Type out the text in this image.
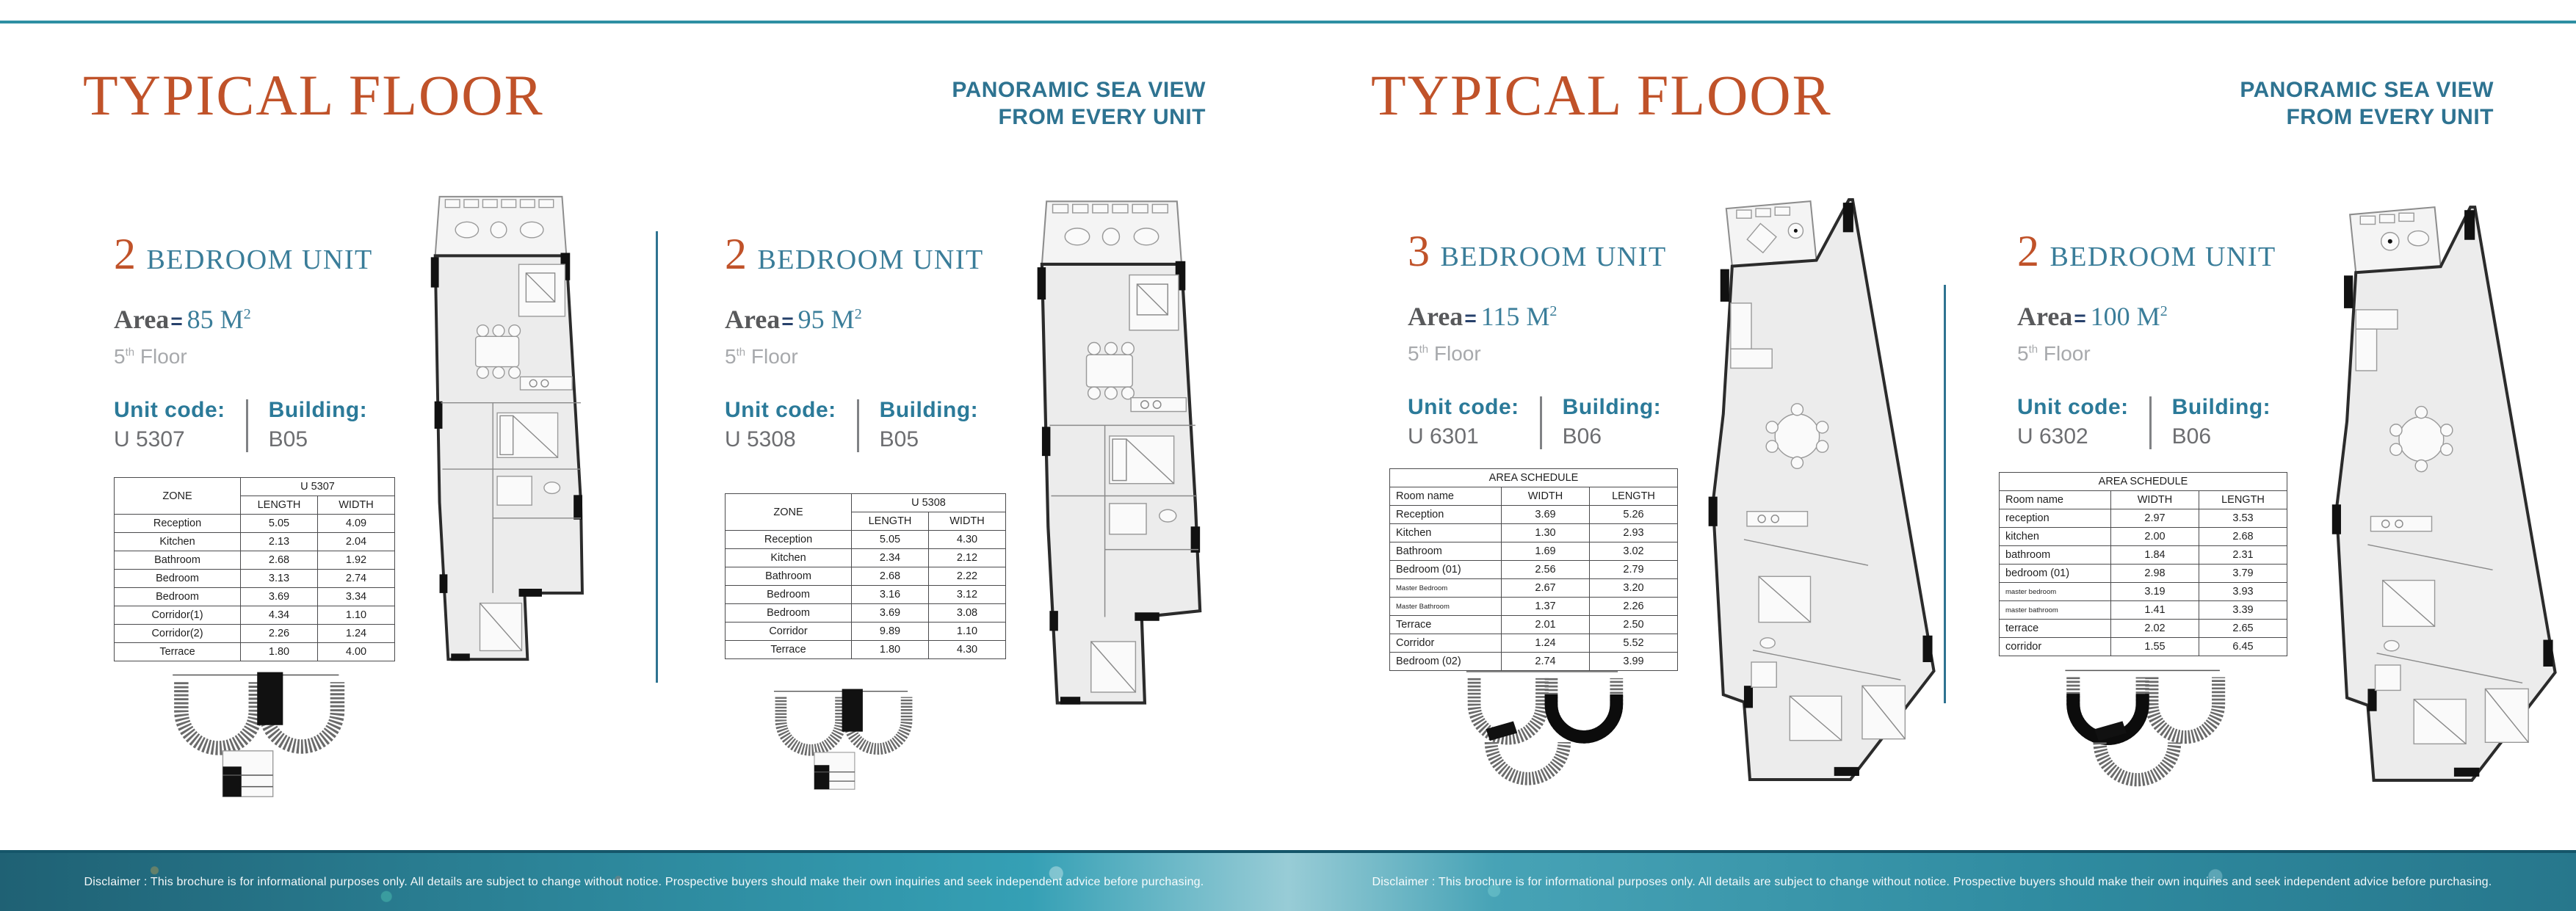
TYPICAL FLOOR	PANORAMIC SEA VIEW
FROM EVERY UNIT
2 BEDROOM UNIT
Area= 85 $M^2$
5th Floor
Unit code:
U 5307
Building:
B05
ZONE	U 5307	
	LENGTH	WIDTH
Reception	5.05	4.09
Kitchen	2.13	2.04
Bathroom	2.68	1.92
Bedroom	3.13	2.74
Bedroom	3.69	3.34
Corridor(1)	4.34	1.10
Corridor(2)	2.26	1.24
Terrace	1.80	4.00
2 BEDROOM UNIT
Area= 95 $M^2$
5th Floor
Unit code:
U 5308
Building:
B05
ZONE	U 5308	
	LENGTH	WIDTH
Reception	5.05	4.30
Kitchen	2.34	2.12
Bathroom	2.68	2.22
Bedroom	3.16	3.12
Bedroom	3.69	3.08
Corridor	9.89	1.10
Terrace	1.80	4.30
TYPICAL FLOOR	PANORAMIC SEA VIEW
FROM EVERY UNIT
3 BEDROOM UNIT
Area= 115 $M^2$
5th Floor
Unit code:
U 6301
Building:
B06
AREA SCHEDULE		
Room name	WIDTH	LENGTH
Reception	3.69	5.26
Kitchen	1.30	2.93
Bathroom	1.69	3.02
Bedroom (01)	2.56	2.79
Master Bedroom	2.67	3.20
Master Bathroom	1.37	2.26
Terrace	2.01	2.50
Corridor	1.24	5.52
Bedroom (02)	2.74	3.99
2 BEDROOM UNIT
Area= 100 $M^2$
5th Floor
Unit code:
U 6302
Building:
B06
AREA SCHEDULE		
Room name	WIDTH	LENGTH
reception	2.97	3.53
kitchen	2.00	2.68
bathroom	1.84	2.31
bedroom (01)	2.98	3.79
master bedroom	3.19	3.93
master bathroom	1.41	3.39
terrace	2.02	2.65
corridor	1.55	6.45
Disclaimer : This brochure is for informational purposes only. All details are subject to change without notice. Prospective buyers should make their own inquiries and seek independent advice before purchasing.	Disclaimer : This brochure is for informational purposes only. All details are subject to change without notice. Prospective buyers should make their own inquiries and seek independent advice before purchasing.
